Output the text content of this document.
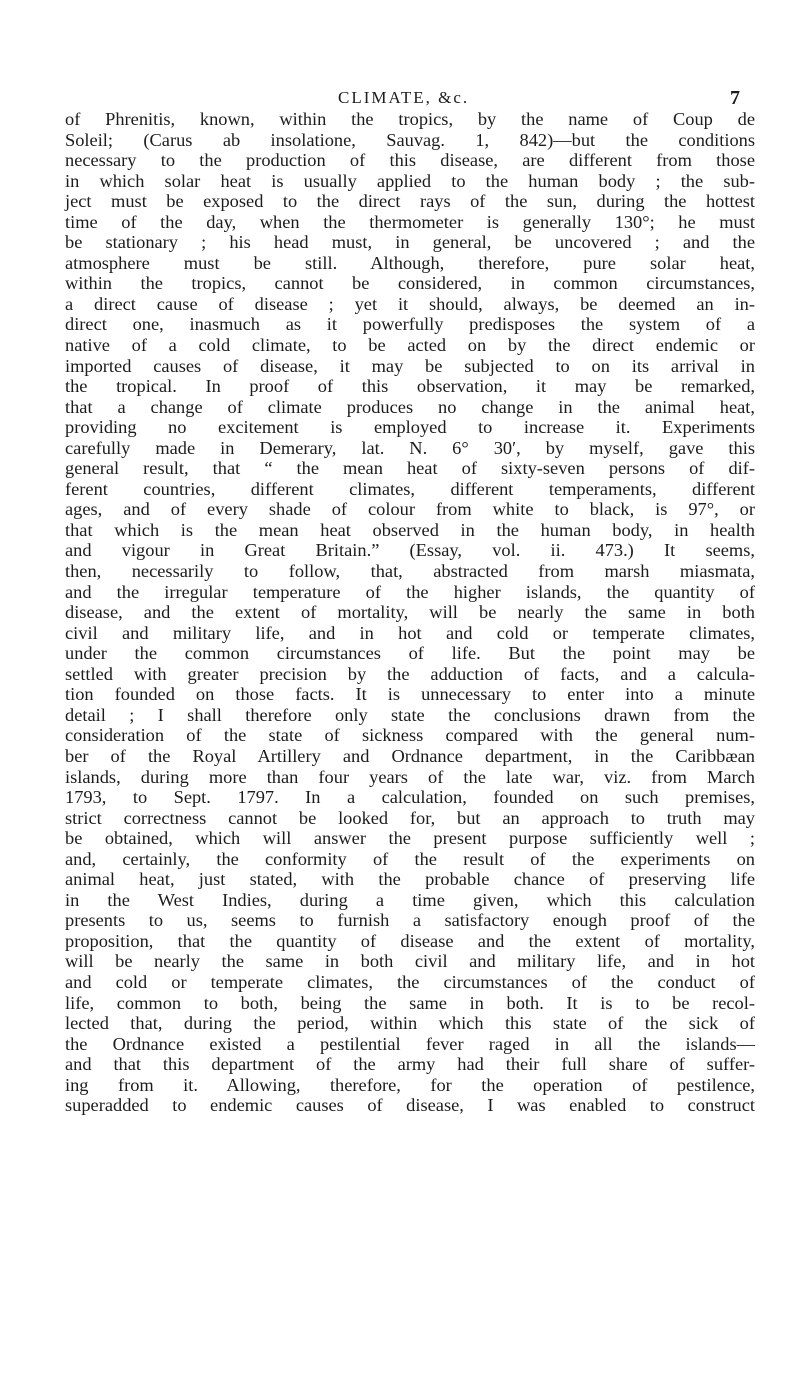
CLIMATE, &c.	7
of Phrenitis, known, within the tropics, by the name of Coup de
Soleil; (Carus ab insolatione, Sauvag. 1, 842)—but the conditions
necessary to the production of this disease, are different from those
in which solar heat is usually applied to the human body ; the sub-
ject must be exposed to the direct rays of the sun, during the hottest
time of the day, when the thermometer is generally 130°; he must
be stationary ; his head must, in general, be uncovered ; and the
atmosphere must be still. Although, therefore, pure solar heat,
within the tropics, cannot be considered, in common circumstances,
a direct cause of disease ; yet it should, always, be deemed an in-
direct one, inasmuch as it powerfully predisposes the system of a
native of a cold climate, to be acted on by the direct endemic or
imported causes of disease, it may be subjected to on its arrival in
the tropical. In proof of this observation, it may be remarked,
that a change of climate produces no change in the animal heat,
providing no excitement is employed to increase it. Experiments
carefully made in Demerary, lat. N. 6° 30′, by myself, gave this
general result, that “ the mean heat of sixty-seven persons of dif-
ferent countries, different climates, different temperaments, different
ages, and of every shade of colour from white to black, is 97°, or
that which is the mean heat observed in the human body, in health
and vigour in Great Britain.” (Essay, vol. ii. 473.) It seems,
then, necessarily to follow, that, abstracted from marsh miasmata,
and the irregular temperature of the higher islands, the quantity of
disease, and the extent of mortality, will be nearly the same in both
civil and military life, and in hot and cold or temperate climates,
under the common circumstances of life. But the point may be
settled with greater precision by the adduction of facts, and a calcula-
tion founded on those facts. It is unnecessary to enter into a minute
detail ; I shall therefore only state the conclusions drawn from the
consideration of the state of sickness compared with the general num-
ber of the Royal Artillery and Ordnance department, in the Caribbæan
islands, during more than four years of the late war, viz. from March
1793, to Sept. 1797. In a calculation, founded on such premises,
strict correctness cannot be looked for, but an approach to truth may
be obtained, which will answer the present purpose sufficiently well ;
and, certainly, the conformity of the result of the experiments on
animal heat, just stated, with the probable chance of preserving life
in the West Indies, during a time given, which this calculation
presents to us, seems to furnish a satisfactory enough proof of the
proposition, that the quantity of disease and the extent of mortality,
will be nearly the same in both civil and military life, and in hot
and cold or temperate climates, the circumstances of the conduct of
life, common to both, being the same in both. It is to be recol-
lected that, during the period, within which this state of the sick of
the Ordnance existed a pestilential fever raged in all the islands—
and that this department of the army had their full share of suffer-
ing from it. Allowing, therefore, for the operation of pestilence,
superadded to endemic causes of disease, I was enabled to construct
